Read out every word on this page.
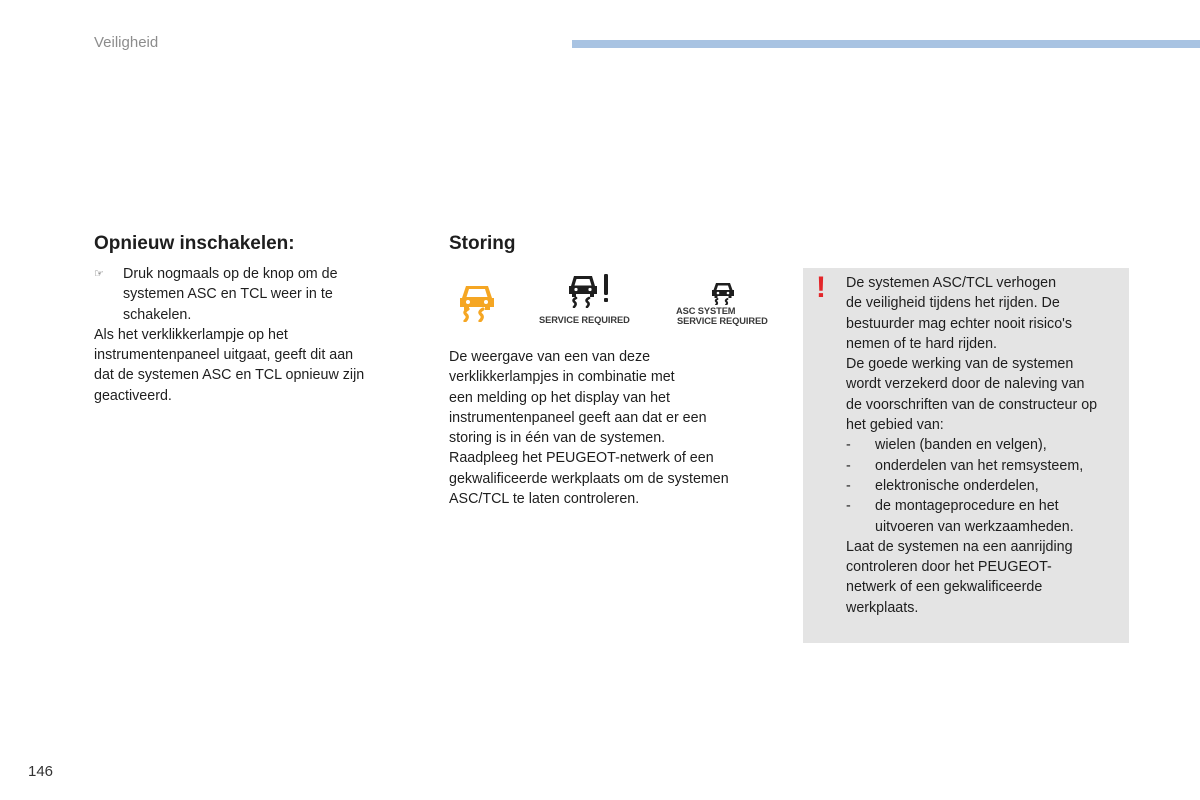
Veiligheid
Opnieuw inschakelen:
☞	Druk nogmaals op de knop om de
systemen ASC en TCL weer in te
schakelen.
Als het verklikkerlampje op het
instrumentenpaneel uitgaat, geeft dit aan
dat de systemen ASC en TCL opnieuw zijn
geactiveerd.
Storing
SERVICE REQUIRED
ASC SYSTEM
SERVICE REQUIRED
De weergave van een van deze
verklikkerlampjes in combinatie met
een melding op het display van het
instrumentenpaneel geeft aan dat er een
storing is in één van de systemen.
Raadpleeg het PEUGEOT-netwerk of een
gekwalificeerde werkplaats om de systemen
ASC/TCL te laten controleren.
! De systemen ASC/TCL verhogen
de veiligheid tijdens het rijden. De
bestuurder mag echter nooit risico's
nemen of te hard rijden.
De goede werking van de systemen
wordt verzekerd door de naleving van
de voorschriften van de constructeur op
het gebied van:
-	wielen (banden en velgen),
-	onderdelen van het remsysteem,
-	elektronische onderdelen,
-	de montageprocedure en het
uitvoeren van werkzaamheden.
Laat de systemen na een aanrijding
controleren door het PEUGEOT-
netwerk of een gekwalificeerde
werkplaats.
146
